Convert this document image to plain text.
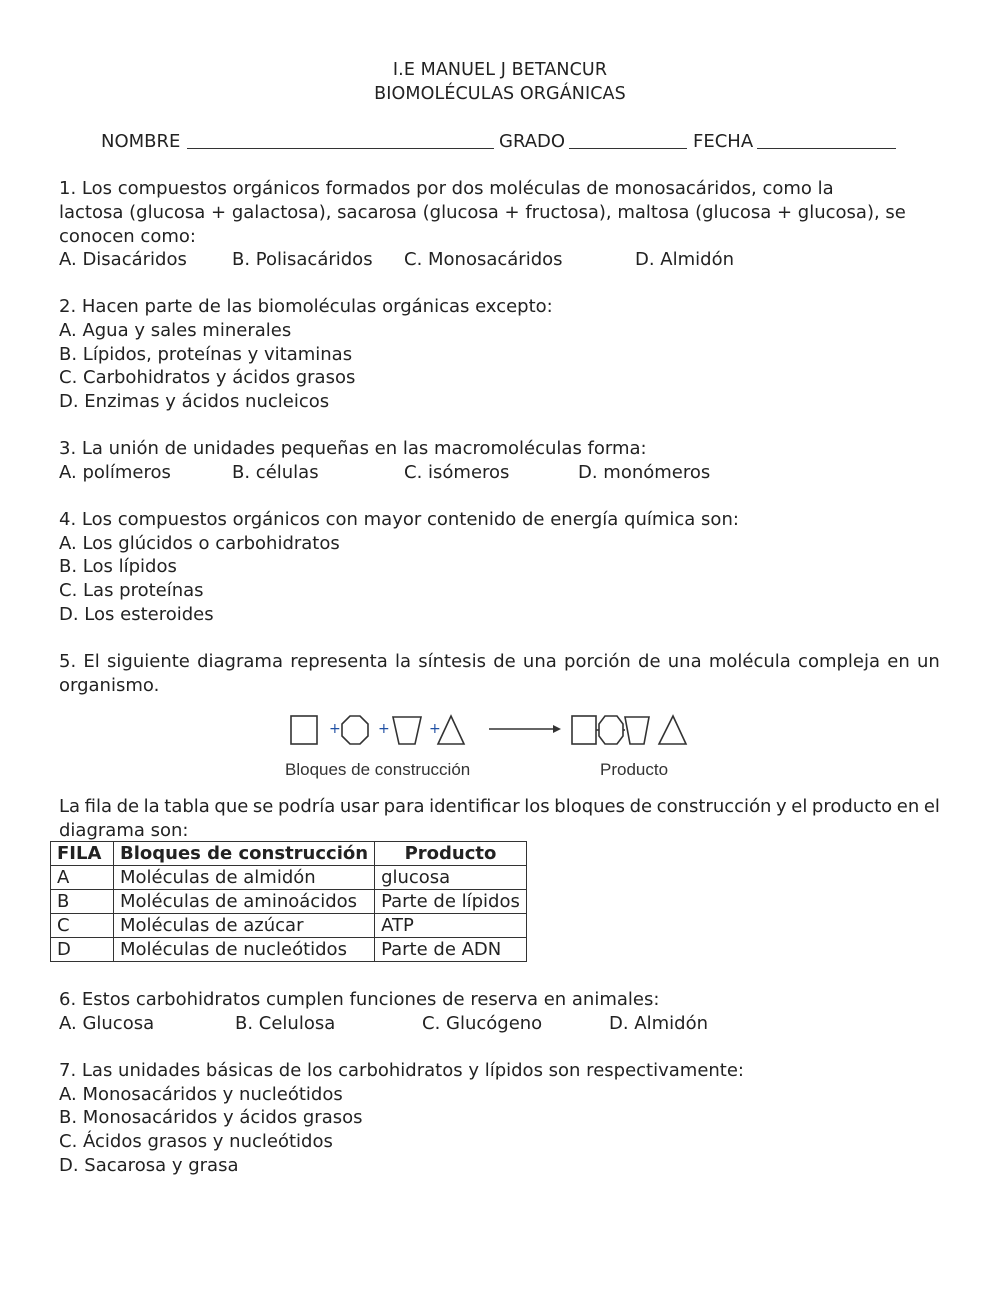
I.E MANUEL J BETANCUR
BIOMOLÉCULAS ORGÁNICAS
NOMBRE	GRADO	FECHA
1. Los compuestos orgánicos formados por dos moléculas de monosacáridos, como la
lactosa (glucosa + galactosa), sacarosa (glucosa + fructosa), maltosa (glucosa + glucosa), se
conocen como:
A. Disacáridos	B. Polisacáridos C. Monosacáridos	D. Almidón
2. Hacen parte de las biomoléculas orgánicas excepto:
A. Agua y sales minerales
B. Lípidos, proteínas y vitaminas
C. Carbohidratos y ácidos grasos
D. Enzimas y ácidos nucleicos
3. La unión de unidades pequeñas en las macromoléculas forma:
A. polímeros	B. células	C. isómeros	D. monómeros
4. Los compuestos orgánicos con mayor contenido de energía química son:
A. Los glúcidos o carbohidratos
B. Los lípidos
C. Las proteínas
D. Los esteroides
5. El siguiente diagrama representa la síntesis de una porción de una molécula compleja en un
organismo.
+	+	+
Bloques de construcción	Producto
La fila de la tabla que se podría usar para identificar los bloques de construcción y el producto en el
diagrama son:
FILA	Bloques de construcción	Producto
A	Moléculas de almidón	glucosa
B	Moléculas de aminoácidos	Parte de lípidos
C	Moléculas de azúcar	ATP
D	Moléculas de nucleótidos	Parte de ADN
6. Estos carbohidratos cumplen funciones de reserva en animales:
A. Glucosa	B. Celulosa	C. Glucógeno	D. Almidón
7. Las unidades básicas de los carbohidratos y lípidos son respectivamente:
A. Monosacáridos y nucleótidos
B. Monosacáridos y ácidos grasos
C. Ácidos grasos y nucleótidos
D. Sacarosa y grasa
